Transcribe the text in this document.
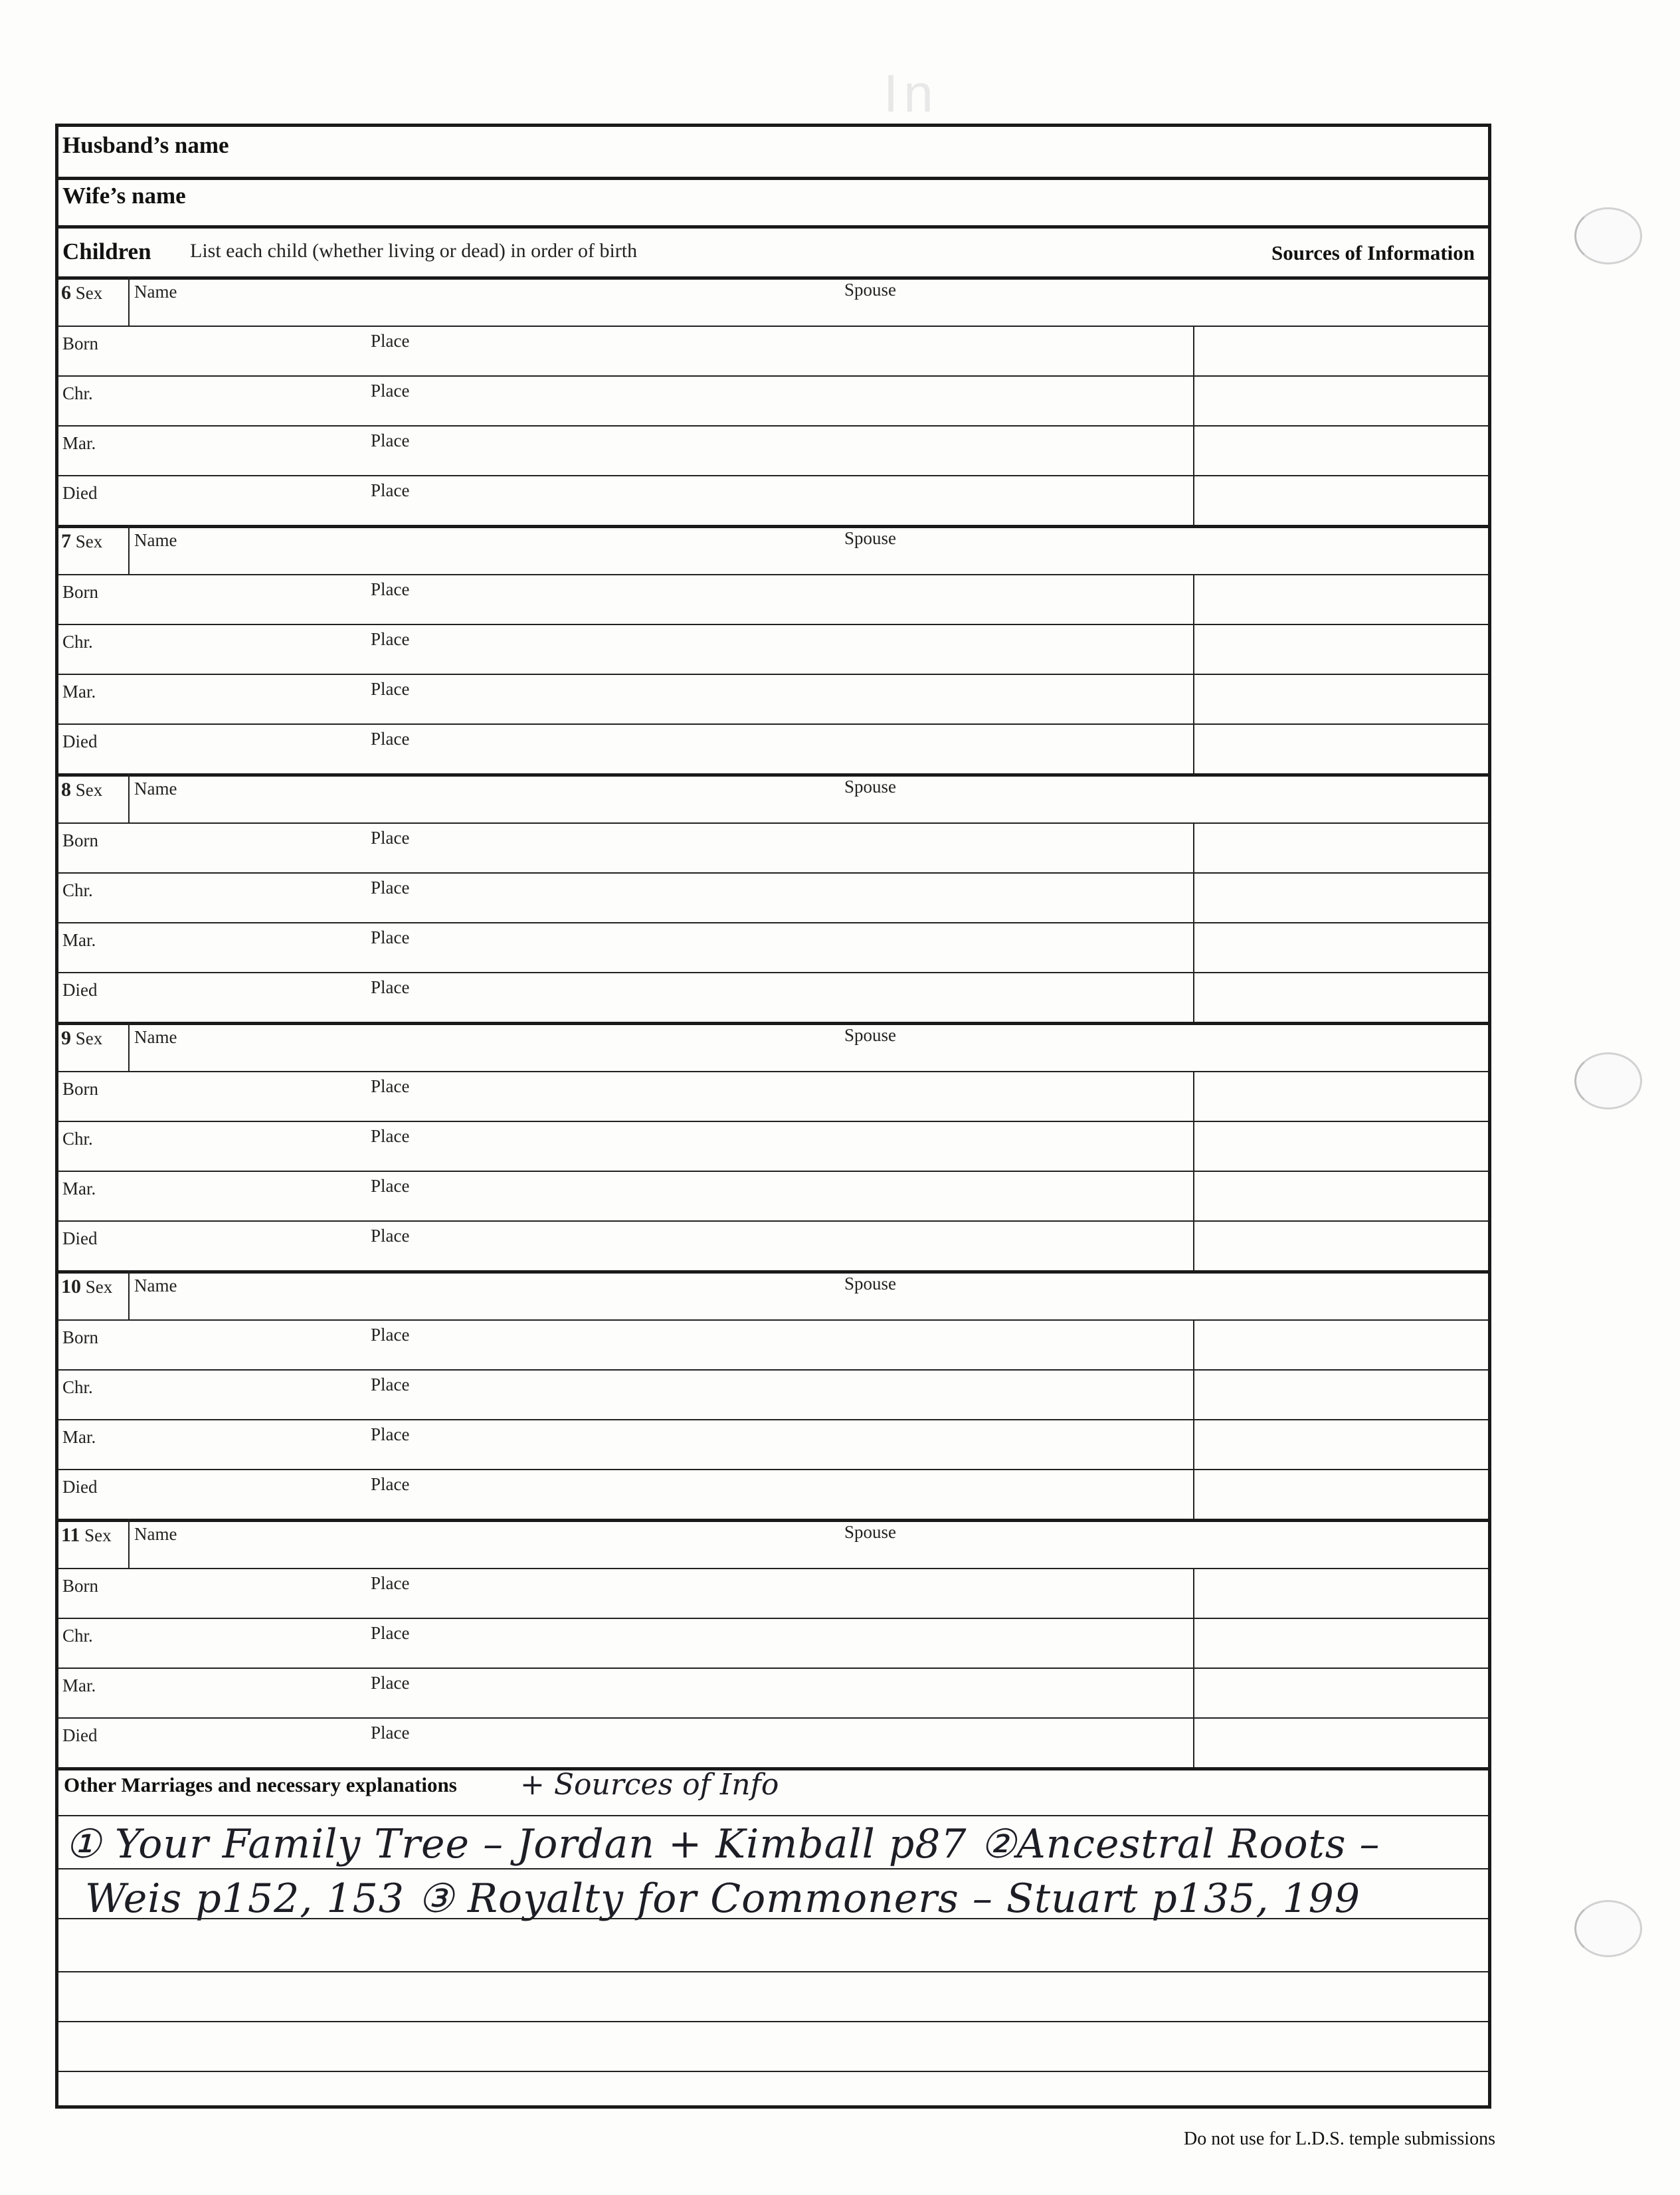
In
Husband’s name
Wife’s name
Children List each child (whether living or dead) in order of birth	Sources of Information
6 Sex Name	Spouse
Born	Place
Chr.	Place
Mar.	Place
Died	Place
7 Sex Name	Spouse
Born	Place
Chr.	Place
Mar.	Place
Died	Place
8 Sex Name	Spouse
Born	Place
Chr.	Place
Mar.	Place
Died	Place
9 Sex Name	Spouse
Born	Place
Chr.	Place
Mar.	Place
Died	Place
10 Sex Name	Spouse
Born	Place
Chr.	Place
Mar.	Place
Died	Place
11 Sex Name	Spouse
Born	Place
Chr.	Place
Mar.	Place
Died	Place
Other Marriages and necessary explanations + Sources of Info
① Your Family Tree – Jordan + Kimball p87 ②Ancestral Roots –
Weis p152, 153 ③ Royalty for Commoners – Stuart p135, 199
Do not use for L.D.S. temple submissions
